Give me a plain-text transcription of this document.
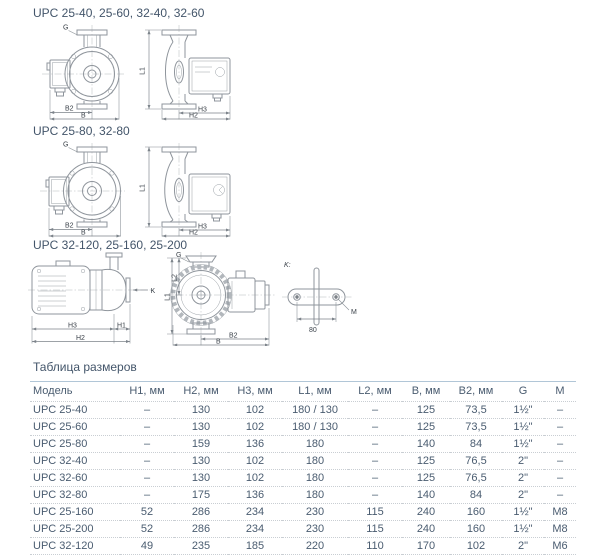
UPC 25-40, 25-60, 32-40, 32-60
G
B2
B
L1
H3
H2
UPC 25-80, 32-80
G
B2
B
L1
H3
H2
UPC 32-120, 25-160, 25-200
K
H3	H1
H2
G
L2
L1
B2
B
K:
M
80
Таблица размеров
Модель	H1, мм	H2, мм	H3, мм	L1, мм	L2, мм	B, мм	B2, мм	G	M
UPC 25-40	–	130	102	180 / 130	–	125	73,5	1½"	–
UPC 25-60	–	130	102	180 / 130	–	125	73,5	1½"	–
UPC 25-80	–	159	136	180	–	140	84	1½"	–
UPC 32-40	–	130	102	180	–	125	76,5	2"	–
UPC 32-60	–	130	102	180	–	125	76,5	2"	–
UPC 32-80	–	175	136	180	–	140	84	2"	–
UPC 25-160	52	286	234	230	115	240	160	1½"	M8
UPC 25-200	52	286	234	230	115	240	160	1½"	M8
UPC 32-120	49	235	185	220	110	170	102	2"	M6
